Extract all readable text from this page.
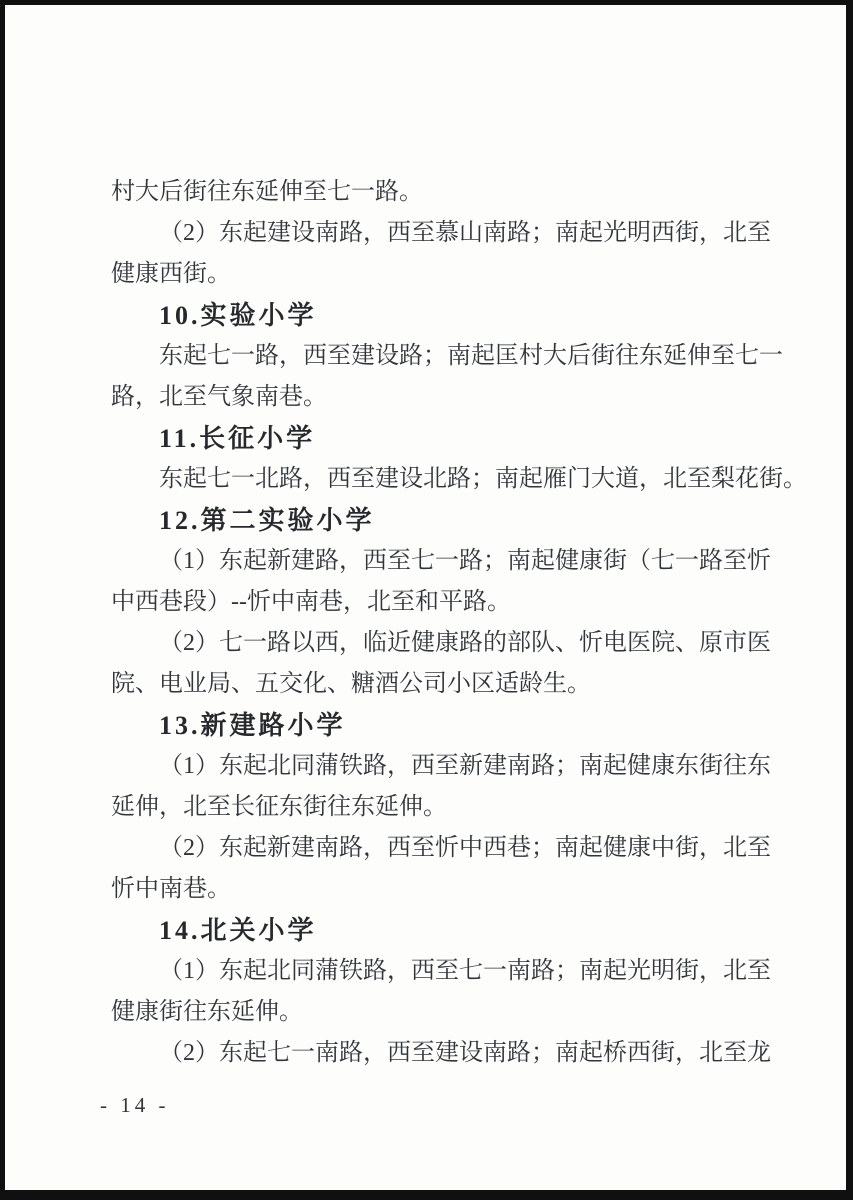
村大后街往东延伸至七一路。

（2）东起建设南路，西至慕山南路；南起光明西街，北至

健康西街。

10.实验小学

东起七一路，西至建设路；南起匡村大后街往东延伸至七一

路，北至气象南巷。

11.长征小学

东起七一北路，西至建设北路；南起雁门大道，北至梨花街。

12.第二实验小学

（1）东起新建路，西至七一路；南起健康街（七一路至忻

中西巷段）--忻中南巷，北至和平路。

（2）七一路以西，临近健康路的部队、忻电医院、原市医

院、电业局、五交化、糖酒公司小区适龄生。

13.新建路小学

（1）东起北同蒲铁路，西至新建南路；南起健康东街往东

延伸，北至长征东街往东延伸。

（2）东起新建南路，西至忻中西巷；南起健康中街，北至

忻中南巷。

14.北关小学

（1）东起北同蒲铁路，西至七一南路；南起光明街，北至

健康街往东延伸。

（2）东起七一南路，西至建设南路；南起桥西街，北至龙

- 14 -
